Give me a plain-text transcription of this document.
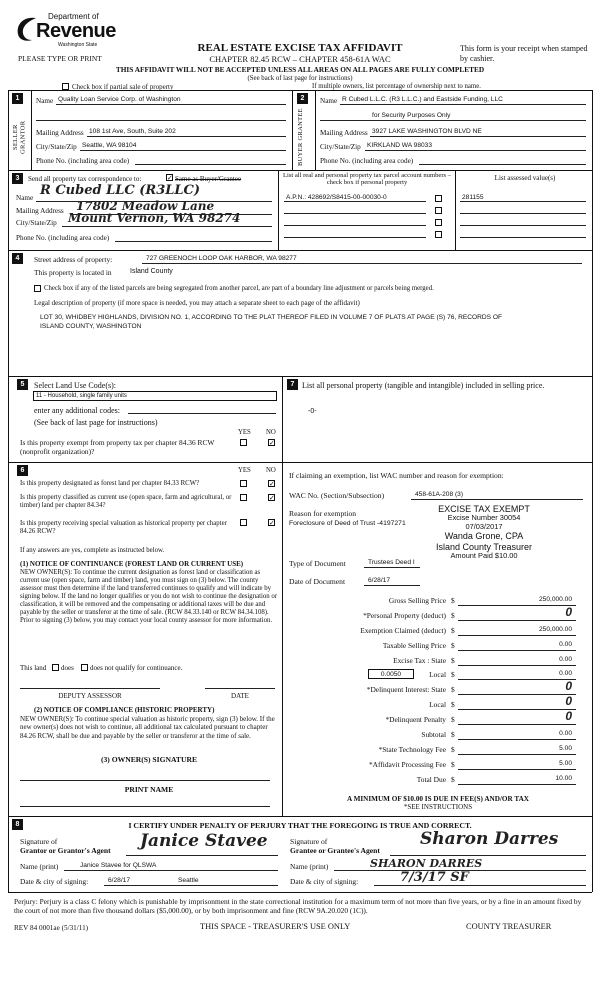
Department of
Revenue
Washington State
PLEASE TYPE OR PRINT
REAL ESTATE EXCISE TAX AFFIDAVIT
CHAPTER 82.45 RCW – CHAPTER 458-61A WAC
This form is your receipt when stamped by cashier.
THIS AFFIDAVIT WILL NOT BE ACCEPTED UNLESS ALL AREAS ON ALL PAGES ARE FULLY COMPLETED
(See back of last page for instructions)
Check box if partial sale of property	If multiple owners, list percentage of ownership next to name.
1
SELLER GRANTOR
Name Quality Loan Service Corp. of Washington
Mailing Address 108 1st Ave, South, Suite 202
City/State/Zip Seattle, WA 98104
Phone No. (including area code)
2
BUYER GRANTEE
Name R Cubed L.L.C. (R3 L.L.C.) and Eastside Funding, LLC
for Security Purposes Only
Mailing Address 3927 LAKE WASHINGTON BLVD NE
City/State/Zip KIRKLAND WA 98033
Phone No. (including area code)
3	Send all property tax correspondence to:	✓ Same as Buyer/Grantee
Name R Cubed LLC (R3LLC)
Mailing Address 17802 Meadow Lane
City/State/Zip Mount Vernon, WA 98274
Phone No. (including area code)
List all real and personal property tax parcel account numbers – check box if personal property
List assessed value(s)
A.P.N.: 428692/S8415-00-00030-0	281155
4	Street address of property:	727 GREENOCH LOOP OAK HARBOR, WA 98277
This property is located in	Island County
Check box if any of the listed parcels are being segregated from another parcel, are part of a boundary line adjustment or parcels being merged.
Legal description of property (if more space is needed, you may attach a separate sheet to each page of the affidavit)
LOT 30, WHIDBEY HIGHLANDS, DIVISION NO. 1, ACCORDING TO THE PLAT THEREOF FILED IN VOLUME 7 OF PLATS AT PAGE (S) 76, RECORDS OF ISLAND COUNTY, WASHINGTON
5	Select Land Use Code(s):
11 - Household, single family units
enter any additional codes:
(See back of last page for instructions)
YES NO
Is this property exempt from property tax per chapter 84.36 RCW (nonprofit organization)?
✓
6	YES NO
Is this property designated as forest land per chapter 84.33 RCW?	✓
Is this property classified as current use (open space, farm and agricultural, or timber) land per chapter 84.34?
✓
Is this property receiving special valuation as historical property per chapter 84.26 RCW?
✓
If any answers are yes, complete as instructed below.
(1) NOTICE OF CONTINUANCE (FOREST LAND OR CURRENT USE)
NEW OWNER(S): To continue the current designation as forest land or classification as current use (open space, farm and timber) land, you must sign on (3) below. The county assessor must then determine if the land transferred continues to qualify and will indicate by signing below. If the land no longer qualifies or you do not wish to continue the designation or classification, it will be removed and the compensating or additional taxes will be due and payable by the seller or transferor at the time of sale. (RCW 84.33.140 or RCW 84.34.108). Prior to signing (3) below, you may contact your local county assessor for more information.
This land does does not qualify for continuance.
DEPUTY ASSESSOR	DATE
(2) NOTICE OF COMPLIANCE (HISTORIC PROPERTY)
NEW OWNER(S): To continue special valuation as historic property, sign (3) below. If the new owner(s) does not wish to continue, all additional tax calculated pursuant to chapter 84.26 RCW, shall be due and payable by the seller or transferor at the time of sale.
(3) OWNER(S) SIGNATURE
PRINT NAME
7 List all personal property (tangible and intangible) included in selling price.
-0-
If claiming an exemption, list WAC number and reason for exemption:
WAC No. (Section/Subsection)	458-61A-208 (3)
Reason for exemption
Foreclosure of Deed of Trust -4197271
EXCISE TAX EXEMPT
Excise Number 30054
07/03/2017
Wanda Grone, CPA
Island County Treasurer
Amount Paid $10.00
Type of Document	Trustees Deed I
Date of Document	6/28/17
Gross Selling Price $	250,000.00
*Personal Property (deduct) $	0
Exemption Claimed (deduct) $	250,000.00
Taxable Selling Price $	0.00
Excise Tax : State $	0.00
0.0050	Local $	0.00
*Delinquent Interest: State $	0
Local $	0
*Delinquent Penalty $	0
Subtotal $	0.00
*State Technology Fee $	5.00
*Affidavit Processing Fee $	5.00
Total Due $	10.00
A MINIMUM OF $10.00 IS DUE IN FEE(S) AND/OR TAX
*SEE INSTRUCTIONS
8	I CERTIFY UNDER PENALTY OF PERJURY THAT THE FOREGOING IS TRUE AND CORRECT.
Signature of
Grantor or Grantor's Agent Janice Stavee
Name (print)	Janice Stavee for QLSWA
Date & city of signing:	6/28/17	Seattle
Signature of
Grantee or Grantee's Agent
Sharon Darres
Name (print)	SHARON DARRES
Date & city of signing:	7/3/17 SF
Perjury: Perjury is a class C felony which is punishable by imprisonment in the state correctional institution for a maximum term of not more than five years, or by a fine in an amount fixed by the court of not more than five thousand dollars ($5,000.00), or by both imprisonment and fine (RCW 9A.20.020 (1C)).
REV 84 0001ae (5/31/11)	THIS SPACE - TREASURER'S USE ONLY	COUNTY TREASURER
